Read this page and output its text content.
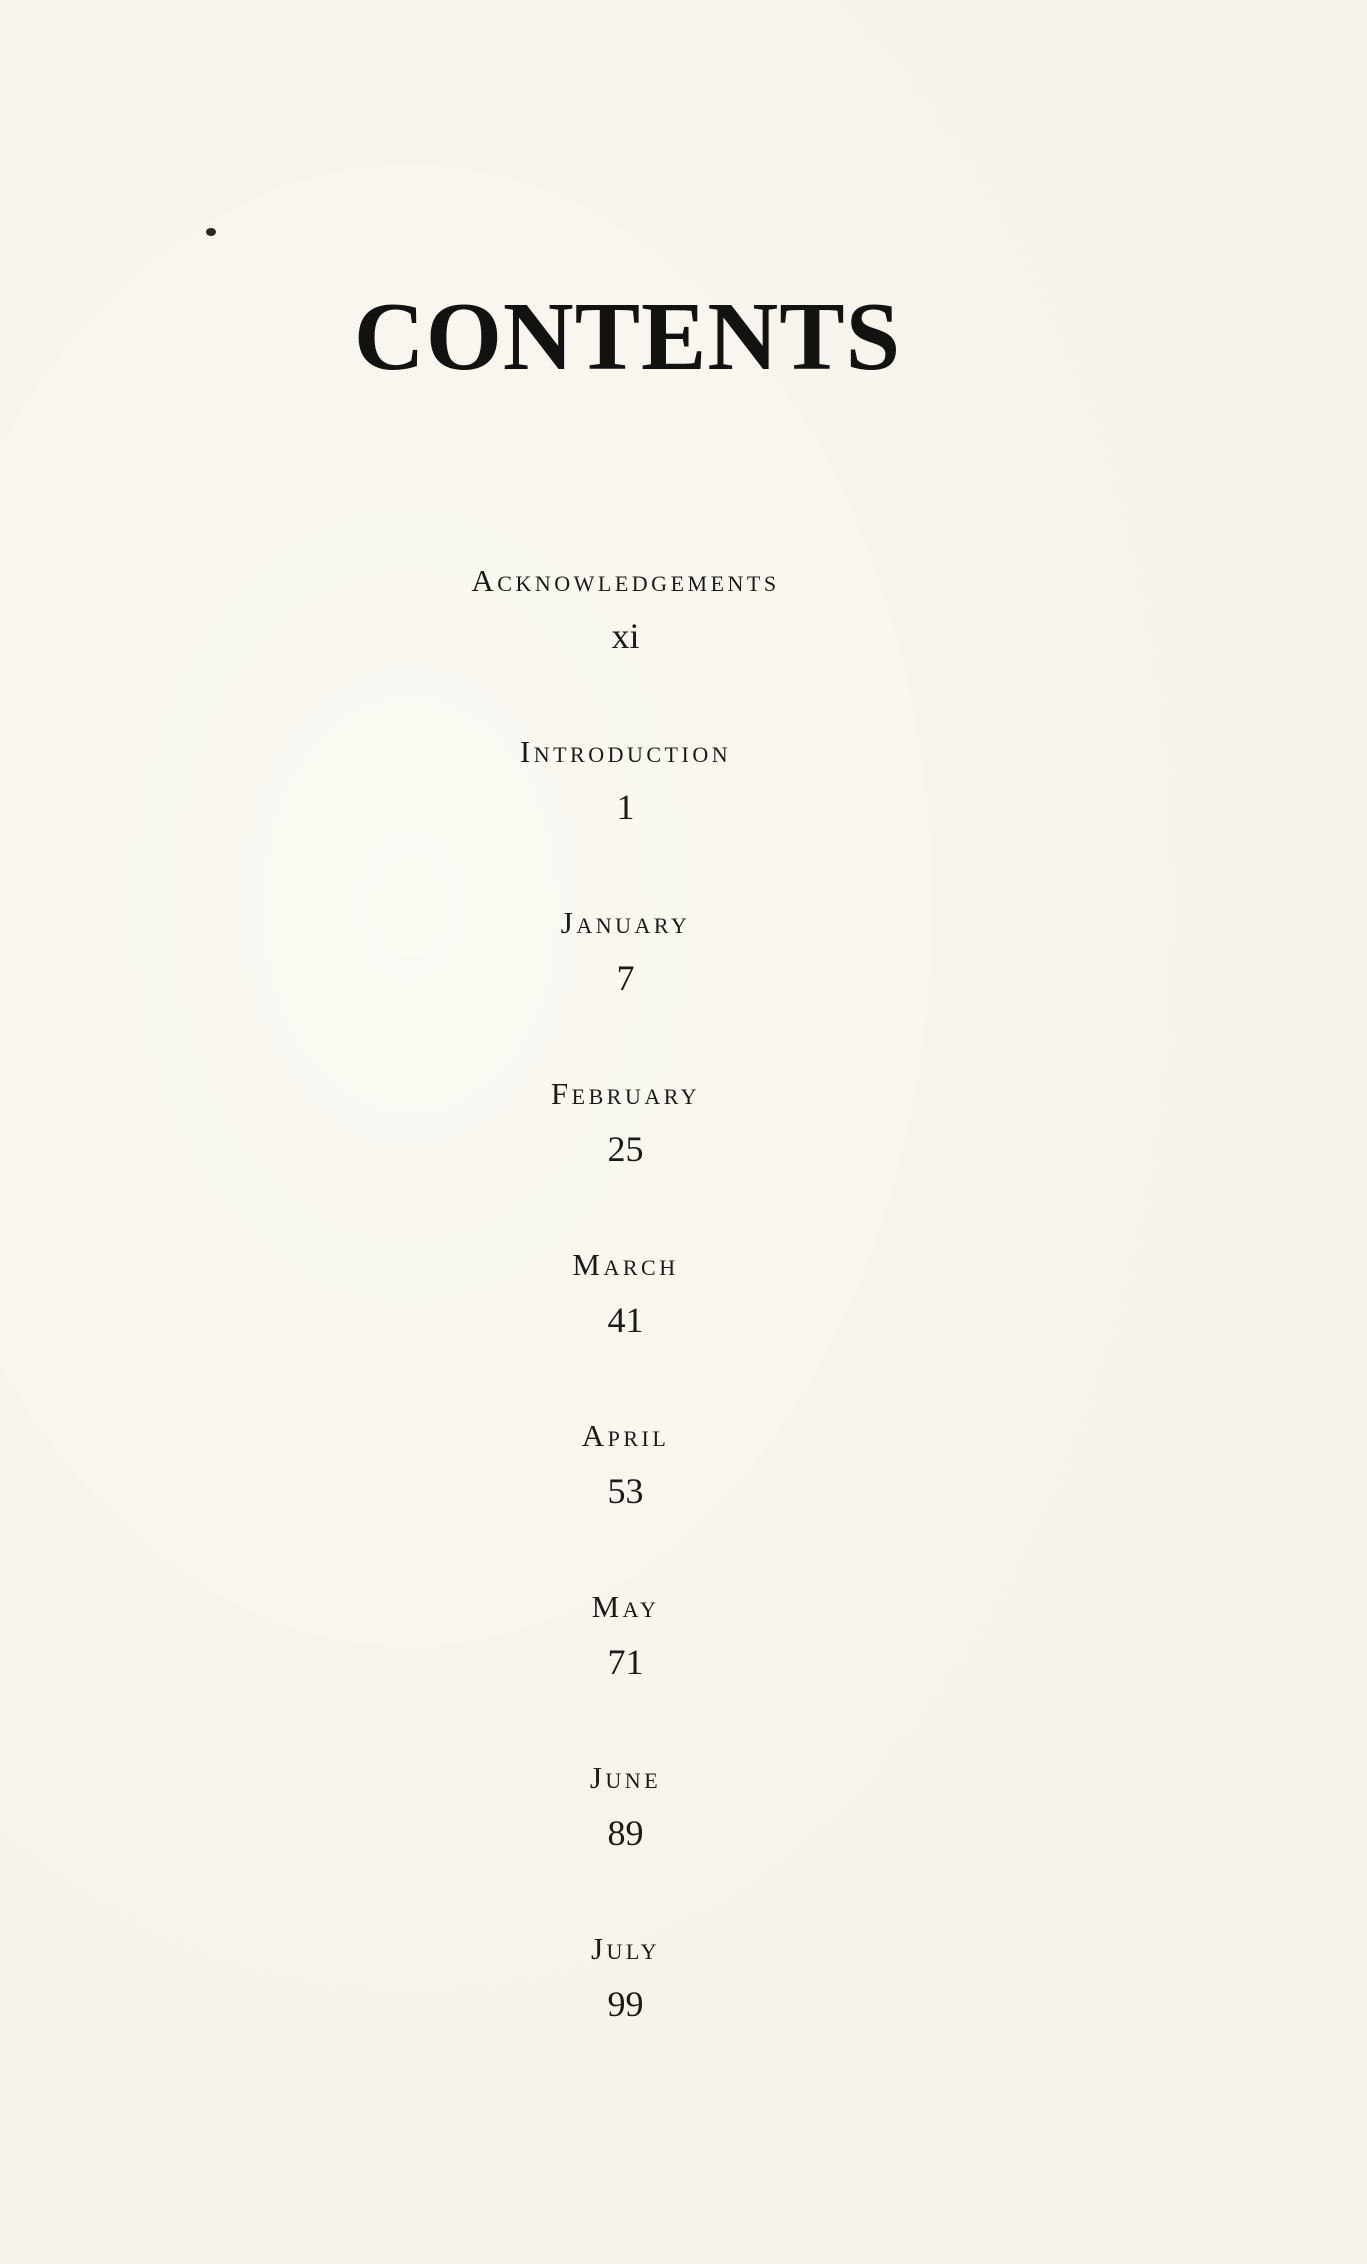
CONTENTS
Acknowledgements
xi
Introduction
1
January
7
February
25
March
41
April
53
May
71
June
89
July
99
